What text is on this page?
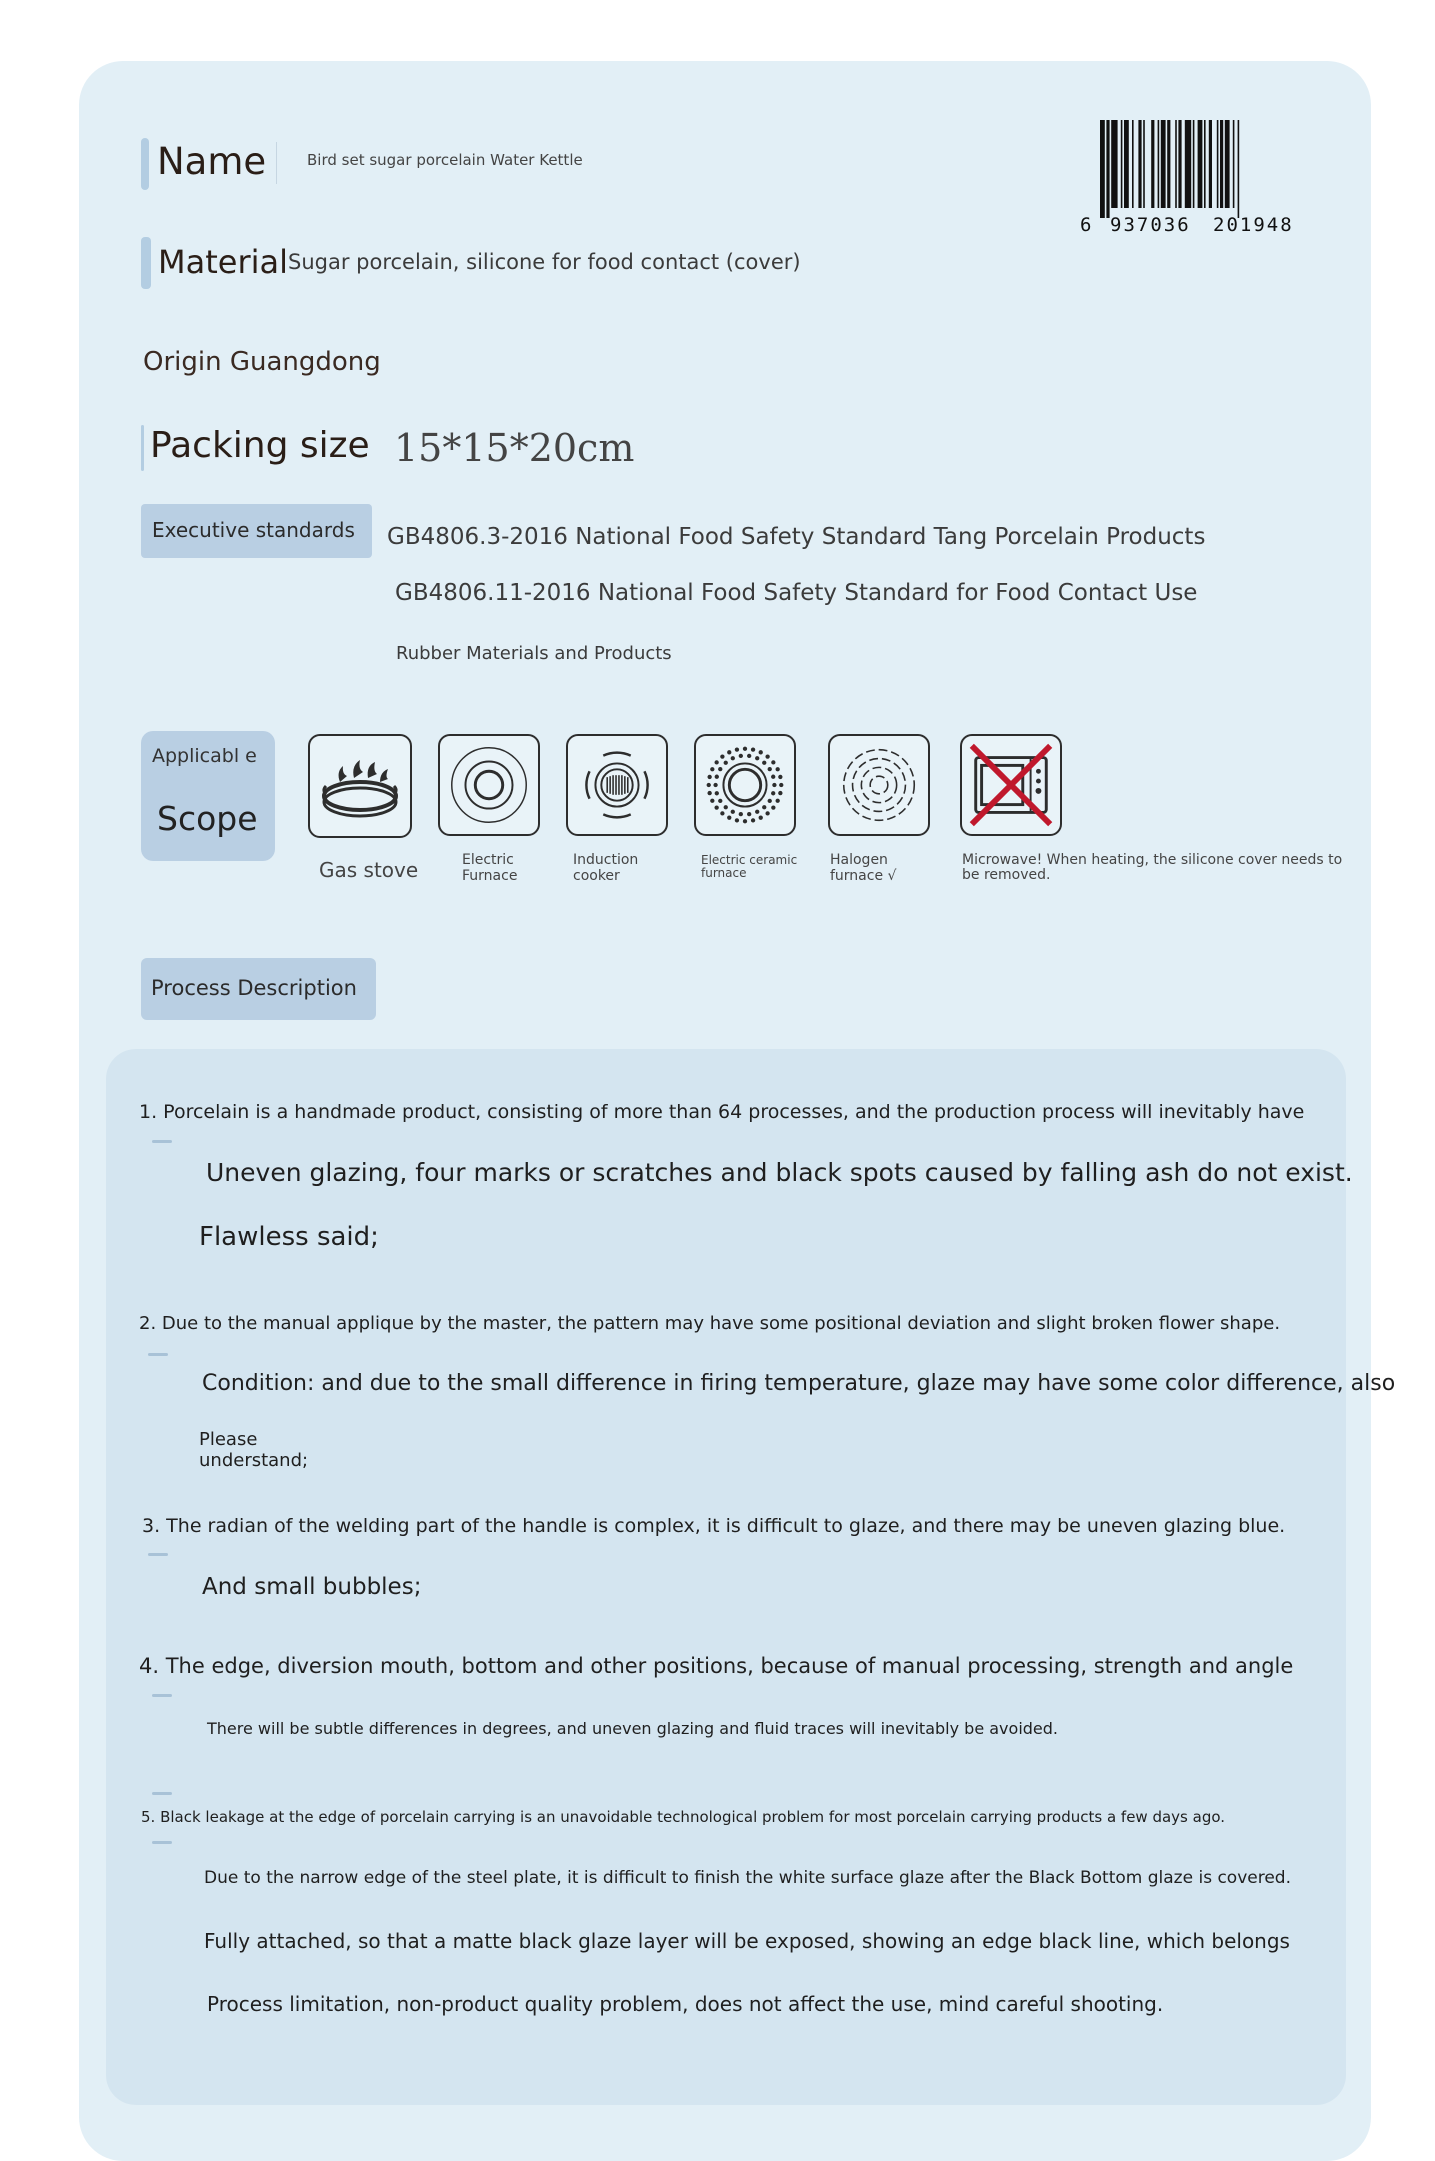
Name	Bird set sugar porcelain Water Kettle
6 937036 201948
Material Sugar porcelain, silicone for food contact (cover)
Origin Guangdong
Packing size 15*15*20cm
Executive standards GB4806.3-2016 National Food Safety Standard Tang Porcelain Products
GB4806.11-2016 National Food Safety Standard for Food Contact Use
Rubber Materials and Products
Applicabl e
Scope
Gas stove	Electric
Furnace
Induction
cooker
Electric ceramic
furnace
Halogen
furnace √
Microwave! When heating, the silicone cover needs to
be removed.
Process Description
1. Porcelain is a handmade product, consisting of more than 64 processes, and the production process will inevitably have
Uneven glazing, four marks or scratches and black spots caused by falling ash do not exist.
Flawless said;
2. Due to the manual applique by the master, the pattern may have some positional deviation and slight broken flower shape.
Condition: and due to the small difference in firing temperature, glaze may have some color difference, also
Please
understand;
3. The radian of the welding part of the handle is complex, it is difficult to glaze, and there may be uneven glazing blue.
And small bubbles;
4. The edge, diversion mouth, bottom and other positions, because of manual processing, strength and angle
There will be subtle differences in degrees, and uneven glazing and fluid traces will inevitably be avoided.
5. Black leakage at the edge of porcelain carrying is an unavoidable technological problem for most porcelain carrying products a few days ago.
Due to the narrow edge of the steel plate, it is difficult to finish the white surface glaze after the Black Bottom glaze is covered.
Fully attached, so that a matte black glaze layer will be exposed, showing an edge black line, which belongs
Process limitation, non-product quality problem, does not affect the use, mind careful shooting.
